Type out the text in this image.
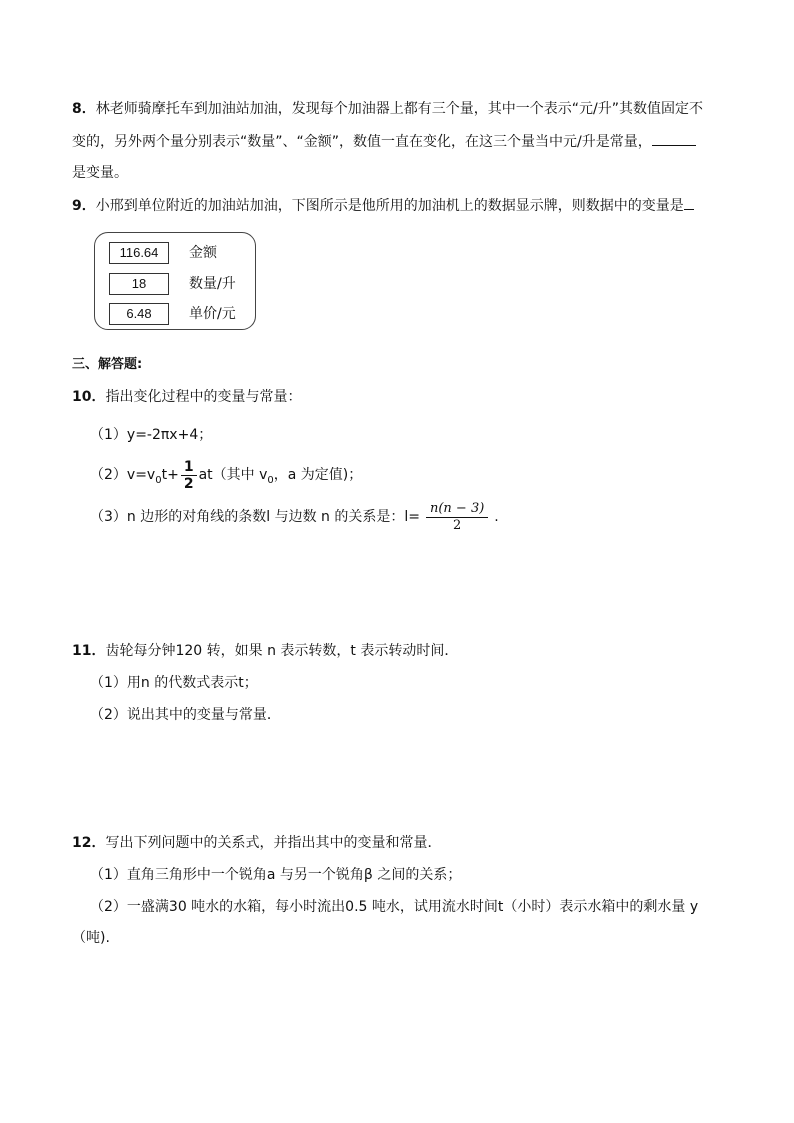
8．林老师骑摩托车到加油站加油，发现每个加油器上都有三个量，其中一个表示“元/升”其数值固定不
变的，另外两个量分别表示“数量”、“金额”，数值一直在变化，在这三个量当中元/升是常量，
是变量。
9．小邢到单位附近的加油站加油，下图所示是他所用的加油机上的数据显示牌，则数据中的变量是
116.64	金额
18	数量/升
6.48	单价/元
三、解答题:
10．指出变化过程中的变量与常量：
（1）y=-2πx+4；
$(2)v=v_0t+ \frac{1}{2} at$（其中 $v_0$，a 为定值)；
（3）n 边形的对角线的条数l 与边数 n 的关系是：$l= \frac{n(n - 3)}{2}$ .
11．齿轮每分钟120 转，如果 n 表示转数，t 表示转动时间．
（1）用n 的代数式表示t；
（2）说出其中的变量与常量．
12．写出下列问题中的关系式，并指出其中的变量和常量．
（1）直角三角形中一个锐角a 与另一个锐角β 之间的关系；
（2）一盛满30 吨水的水箱，每小时流出0.5 吨水，试用流水时间t（小时）表示水箱中的剩水量 y
（吨).
